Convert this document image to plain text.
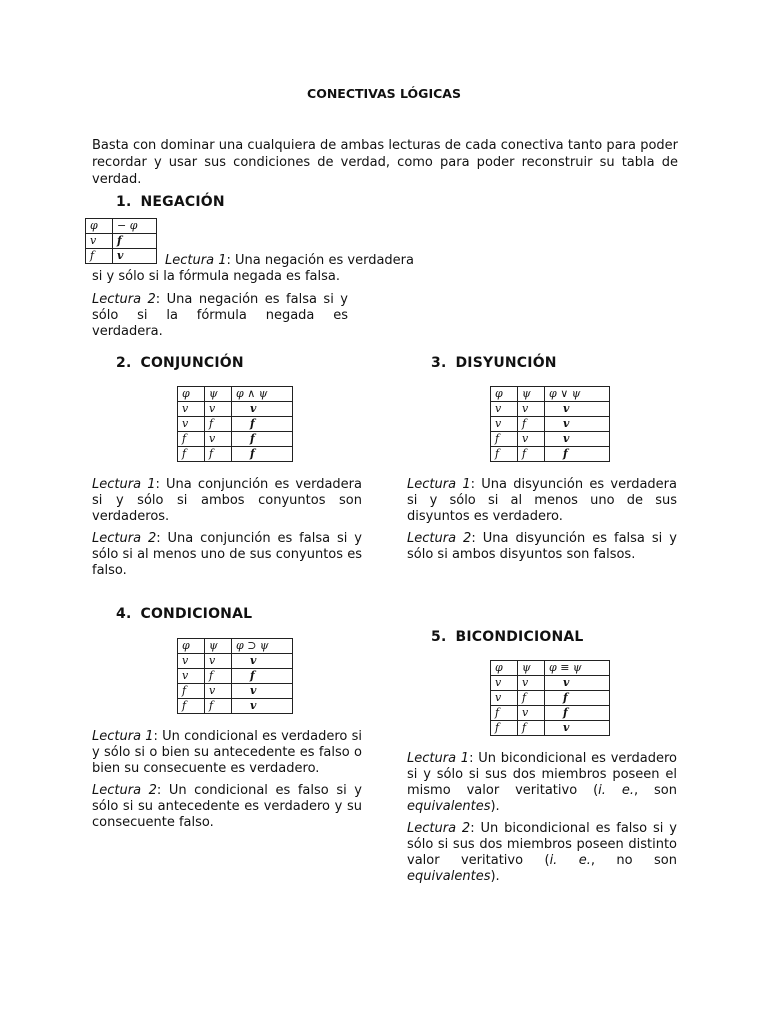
CONECTIVAS LÓGICAS
Basta con dominar una cualquiera de ambas lecturas de cada conectiva tanto para poder recordar y usar sus condiciones de verdad, como para poder reconstruir su tabla de verdad.
1. NEGACIÓN
φ	− φ
v	f
f	v	Lectura 1: Una negación es verdadera si y sólo si la fórmula negada es falsa.
Lectura 2: Una negación es falsa si y sólo si la fórmula negada es verdadera.
2. CONJUNCIÓN
φ	ψ	φ ∧ ψ
v	v	v
v	f	f
f	v	f
f	f	f
Lectura 1: Una conjunción es verdadera si y sólo si ambos conyuntos son verdaderos.
Lectura 2: Una conjunción es falsa si y sólo si al menos uno de sus conyuntos es falso.
3. DISYUNCIÓN
φ	ψ	φ ∨ ψ
v	v	v
v	f	v
f	v	v
f	f	f
Lectura 1: Una disyunción es verdadera si y sólo si al menos uno de sus disyuntos es verdadero.
Lectura 2: Una disyunción es falsa si y sólo si ambos disyuntos son falsos.
4. CONDICIONAL
φ	ψ	φ ⊃ ψ
v	v	v
v	f	f
f	v	v
f	f	v
Lectura 1: Un condicional es verdadero si y sólo si o bien su antecedente es falso o bien su consecuente es verdadero.
Lectura 2: Un condicional es falso si y sólo si su antecedente es verdadero y su consecuente falso.
5. BICONDICIONAL
φ	ψ	φ ≡ ψ
v	v	v
v	f	f
f	v	f
f	f	v
Lectura 1: Un bicondicional es verdadero si y sólo si sus dos miembros poseen el mismo valor veritativo (i. e., son equivalentes).
Lectura 2: Un bicondicional es falso si y sólo si sus dos miembros poseen distinto valor veritativo (i. e., no son equivalentes).
